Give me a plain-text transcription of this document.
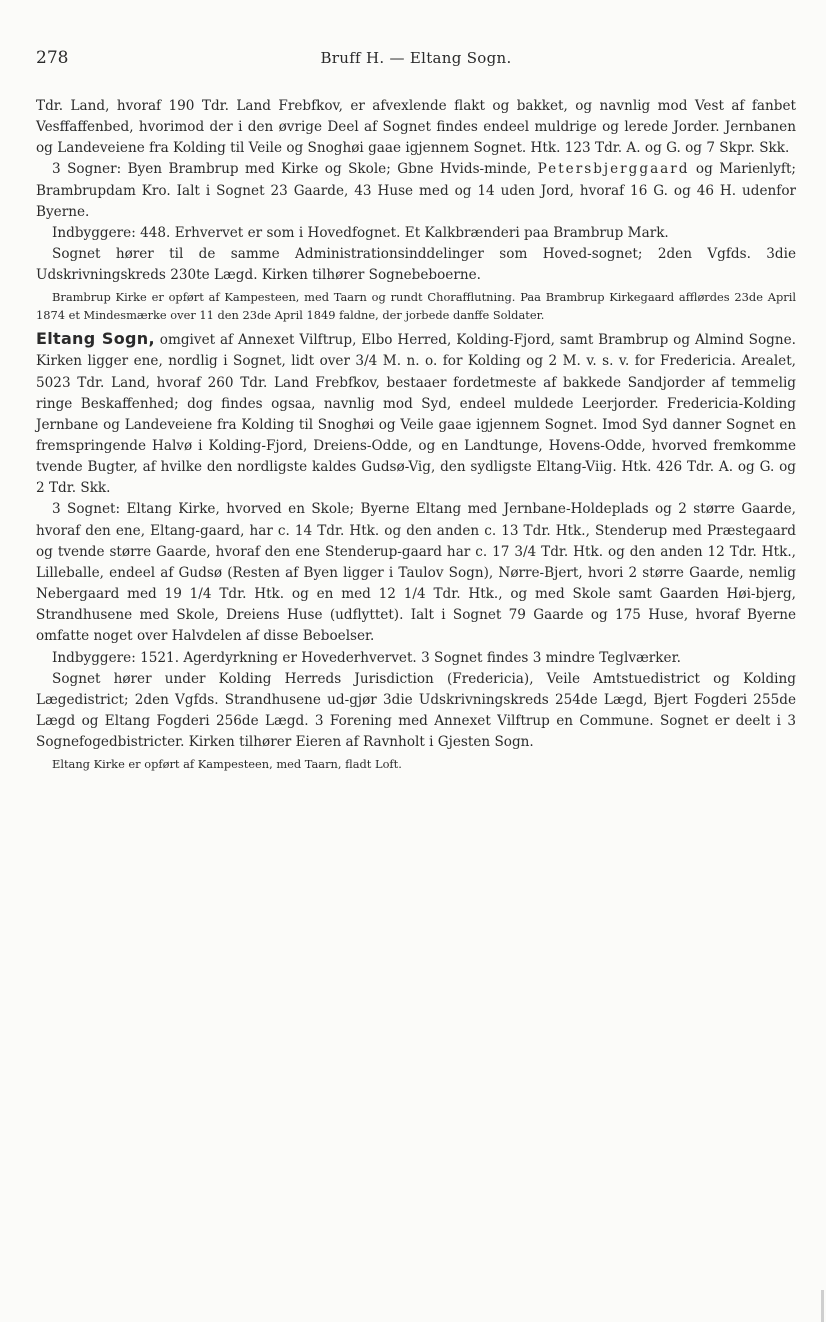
278	Bruff H. — Eltang Sogn.

Tdr. Land, hvoraf 190 Tdr. Land Frebfkov, er afvexlende flakt og bakket, og navnlig mod Vest af fanbet Vesffaffenbed, hvorimod der i den øvrige Deel af Sognet findes endeel muldrige og lerede Jorder. Jernbanen og Landeveiene fra Kolding til Veile og Snoghøi gaae igjennem Sognet. Htk. 123 Tdr. A. og G. og 7 Skpr. Skk.

3 Sogner: Byen Brambrup med Kirke og Skole; Gbne Hvids-minde, Petersbjerggaard og Marienlyft; Brambrupdam Kro. Ialt i Sognet 23 Gaarde, 43 Huse med og 14 uden Jord, hvoraf 16 G. og 46 H. udenfor Byerne.

Indbyggere: 448. Erhvervet er som i Hovedfognet. Et Kalkbrænderi paa Brambrup Mark.

Sognet hører til de samme Administrationsinddelinger som Hoved-sognet; 2den Vgfds. 3die Udskrivningskreds 230te Lægd. Kirken tilhører Sognebeboerne.

Brambrup Kirke er opført af Kampesteen, med Taarn og rundt Chorafflutning. Paa Brambrup Kirkegaard afflørdes 23de April 1874 et Mindesmærke over 11 den 23de April 1849 faldne, der jorbede danffe Soldater.

Eltang Sogn, omgivet af Annexet Vilftrup, Elbo Herred, Kolding-Fjord, samt Brambrup og Almind Sogne. Kirken ligger ene, nordlig i Sognet, lidt over 3/4 M. n. o. for Kolding og 2 M. v. s. v. for Fredericia. Arealet, 5023 Tdr. Land, hvoraf 260 Tdr. Land Frebfkov, bestaaer fordetmeste af bakkede Sandjorder af temmelig ringe Beskaffenhed; dog findes ogsaa, navnlig mod Syd, endeel muldede Leerjorder. Fredericia-Kolding Jernbane og Landeveiene fra Kolding til Snoghøi og Veile gaae igjennem Sognet. Imod Syd danner Sognet en fremspringende Halvø i Kolding-Fjord, Dreiens-Odde, og en Landtunge, Hovens-Odde, hvorved fremkomme tvende Bugter, af hvilke den nordligste kaldes Gudsø-Vig, den sydligste Eltang-Viig. Htk. 426 Tdr. A. og G. og 2 Tdr. Skk.

3 Sognet: Eltang Kirke, hvorved en Skole; Byerne Eltang med Jernbane-Holdeplads og 2 større Gaarde, hvoraf den ene, Eltang-gaard, har c. 14 Tdr. Htk. og den anden c. 13 Tdr. Htk., Stenderup med Præstegaard og tvende større Gaarde, hvoraf den ene Stenderup-gaard har c. 17 3/4 Tdr. Htk. og den anden 12 Tdr. Htk., Lilleballe, endeel af Gudsø (Resten af Byen ligger i Taulov Sogn), Nørre-Bjert, hvori 2 større Gaarde, nemlig Nebergaard med 19 1/4 Tdr. Htk. og en med 12 1/4 Tdr. Htk., og med Skole samt Gaarden Høi-bjerg, Strandhusene med Skole, Dreiens Huse (udflyttet). Ialt i Sognet 79 Gaarde og 175 Huse, hvoraf Byerne omfatte noget over Halvdelen af disse Beboelser.

Indbyggere: 1521. Agerdyrkning er Hovederhvervet. 3 Sognet findes 3 mindre Teglværker.

Sognet hører under Kolding Herreds Jurisdiction (Fredericia), Veile Amtstuedistrict og Kolding Lægedistrict; 2den Vgfds. Strandhusene ud-gjør 3die Udskrivningskreds 254de Lægd, Bjert Fogderi 255de Lægd og Eltang Fogderi 256de Lægd. 3 Forening med Annexet Vilftrup en Commune. Sognet er deelt i 3 Sognefogedbistricter. Kirken tilhører Eieren af Ravnholt i Gjesten Sogn.

Eltang Kirke er opført af Kampesteen, med Taarn, fladt Loft.
